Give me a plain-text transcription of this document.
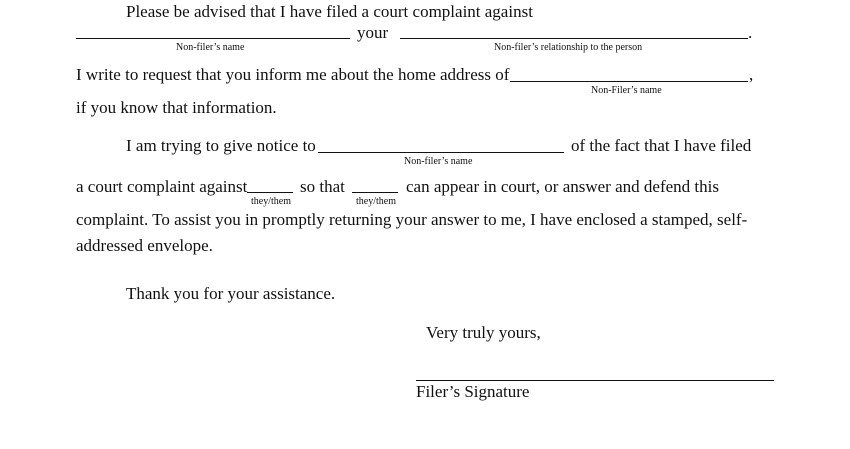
Please be advised that I have filed a court complaint against
your	.
Non-filer’s name	Non-filer’s relationship to the person
I write to request that you inform me about the home address of	,
Non-Filer’s name
if you know that information.
I am trying to give notice to	of the fact that I have filed
Non-filer’s name
a court complaint against	so that	can appear in court, or answer and defend this
they/them	they/them
complaint. To assist you in promptly returning your answer to me, I have enclosed a stamped, self-
addressed envelope.
Thank you for your assistance.
Very truly yours,
Filer’s Signature
